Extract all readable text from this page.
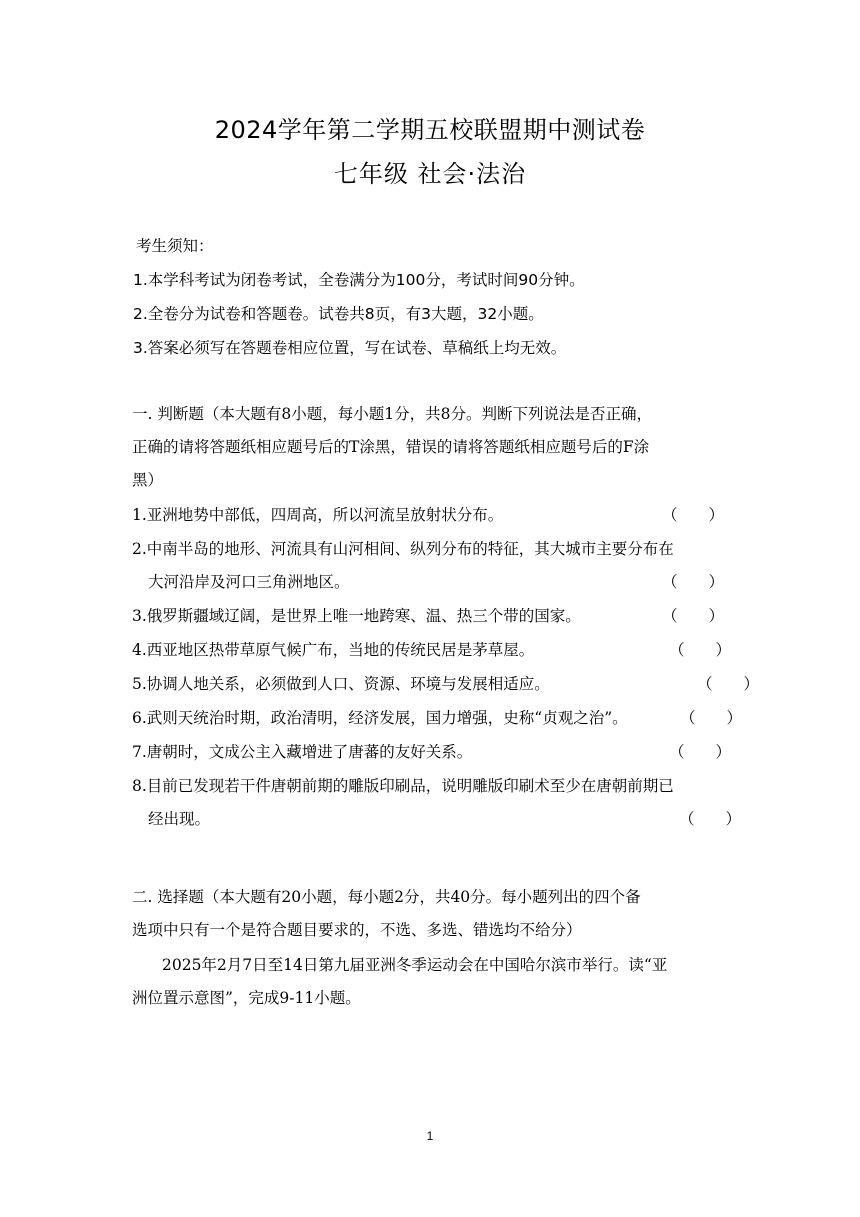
2024学年第二学期五校联盟期中测试卷
七年级 社会·法治
考生须知：
1.本学科考试为闭卷考试，全卷满分为100分，考试时间90分钟。
2.全卷分为试卷和答题卷。试卷共8页，有3大题，32小题。
3.答案必须写在答题卷相应位置，写在试卷、草稿纸上均无效。
一. 判断题（本大题有8小题，每小题1分，共8分。判断下列说法是否正确，
正确的请将答题纸相应题号后的T涂黑，错误的请将答题纸相应题号后的F涂
黑）
1.亚洲地势中部低，四周高，所以河流呈放射状分布。	（　　）
2.中南半岛的地形、河流具有山河相间、纵列分布的特征，其大城市主要分布在
大河沿岸及河口三角洲地区。	（　　）
3.俄罗斯疆域辽阔，是世界上唯一地跨寒、温、热三个带的国家。	（　　）
4.西亚地区热带草原气候广布，当地的传统民居是茅草屋。	（　　）
5.协调人地关系，必须做到人口、资源、环境与发展相适应。	（　　）
6.武则天统治时期，政治清明，经济发展，国力增强，史称“贞观之治”。	（　　）
7.唐朝时，文成公主入藏增进了唐蕃的友好关系。	（　　）
8.目前已发现若干件唐朝前期的雕版印刷品，说明雕版印刷术至少在唐朝前期已
经出现。	（　　）
二. 选择题（本大题有20小题，每小题2分，共40分。每小题列出的四个备
选项中只有一个是符合题目要求的，不选、多选、错选均不给分）
2025年2月7日至14日第九届亚洲冬季运动会在中国哈尔滨市举行。读“亚
洲位置示意图”，完成9-11小题。
1
